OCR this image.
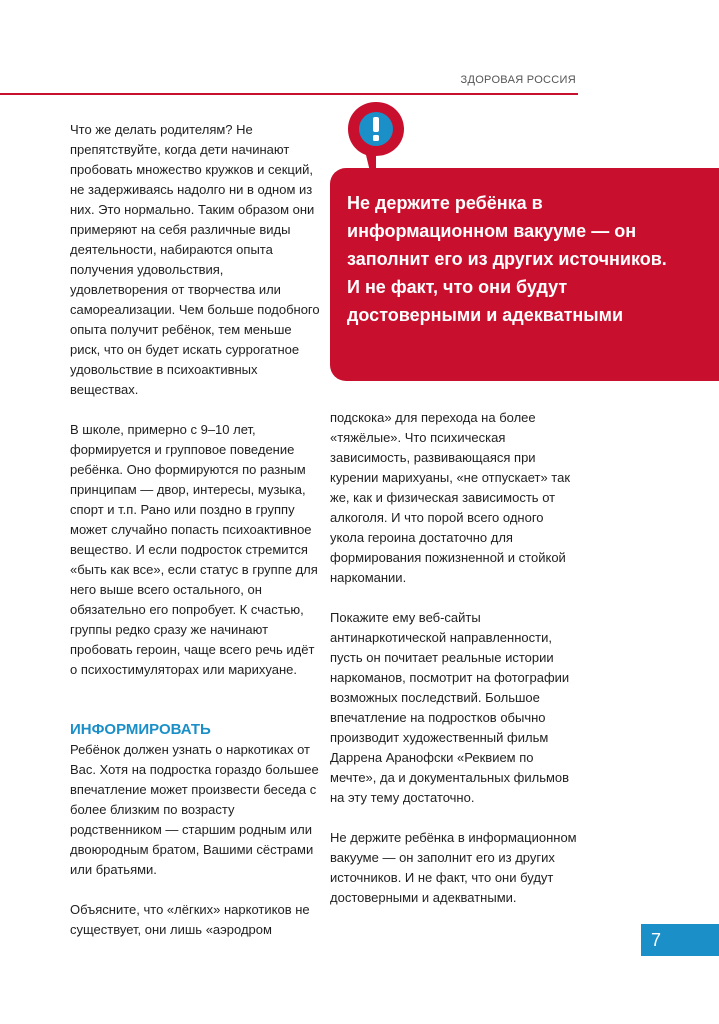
ЗДОРОВАЯ РОССИЯ

Что же делать родителям? Не препятствуйте, когда дети начинают пробовать множество кружков и секций, не задерживаясь надолго ни в одном из них. Это нормально. Таким образом они примеряют на себя различные виды деятельности, набираются опыта получения удовольствия, удовлетворения от творчества или самореализации. Чем больше подобного опыта получит ребёнок, тем меньше риск, что он будет искать суррогатное удовольствие в психоактивных веществах.

В школе, примерно с 9–10 лет, формируется и групповое поведение ребёнка. Оно формируются по разным принципам — двор, интересы, музыка, спорт и т.п. Рано или поздно в группу может случайно попасть психоактивное вещество. И если подросток стремится «быть как все», если статус в группе для него выше всего остального, он обязательно его попробует. К счастью, группы редко сразу же начинают пробовать героин, чаще всего речь идёт о психостимуляторах или марихуане.

ИНФОРМИРОВАТЬ

Ребёнок должен узнать о наркотиках от Вас. Хотя на подростка гораздо большее впечатление может произвести беседа с более близким по возрасту родственником — старшим родным или двоюродным братом, Вашими сёстрами или братьями.

Объясните, что «лёгких» наркотиков не существует, они лишь «аэродром

Не держите ребёнка в информационном вакууме — он заполнит его из других источников. И не факт, что они будут достоверными и адекватными

подскока» для перехода на более «тяжёлые». Что психическая зависимость, развивающаяся при курении марихуаны, «не отпускает» так же, как и физическая зависимость от алкоголя. И что порой всего одного укола героина достаточно для формирования пожизненной и стойкой наркомании.

Покажите ему веб-сайты антинаркотической направленности, пусть он почитает реальные истории наркоманов, посмотрит на фотографии возможных последствий. Большое впечатление на подростков обычно производит художественный фильм Даррена Аранофски «Реквием по мечте», да и документальных фильмов на эту тему достаточно.

Не держите ребёнка в информационном вакууме — он заполнит его из других источников. И не факт, что они будут достоверными и адекватными.

7
